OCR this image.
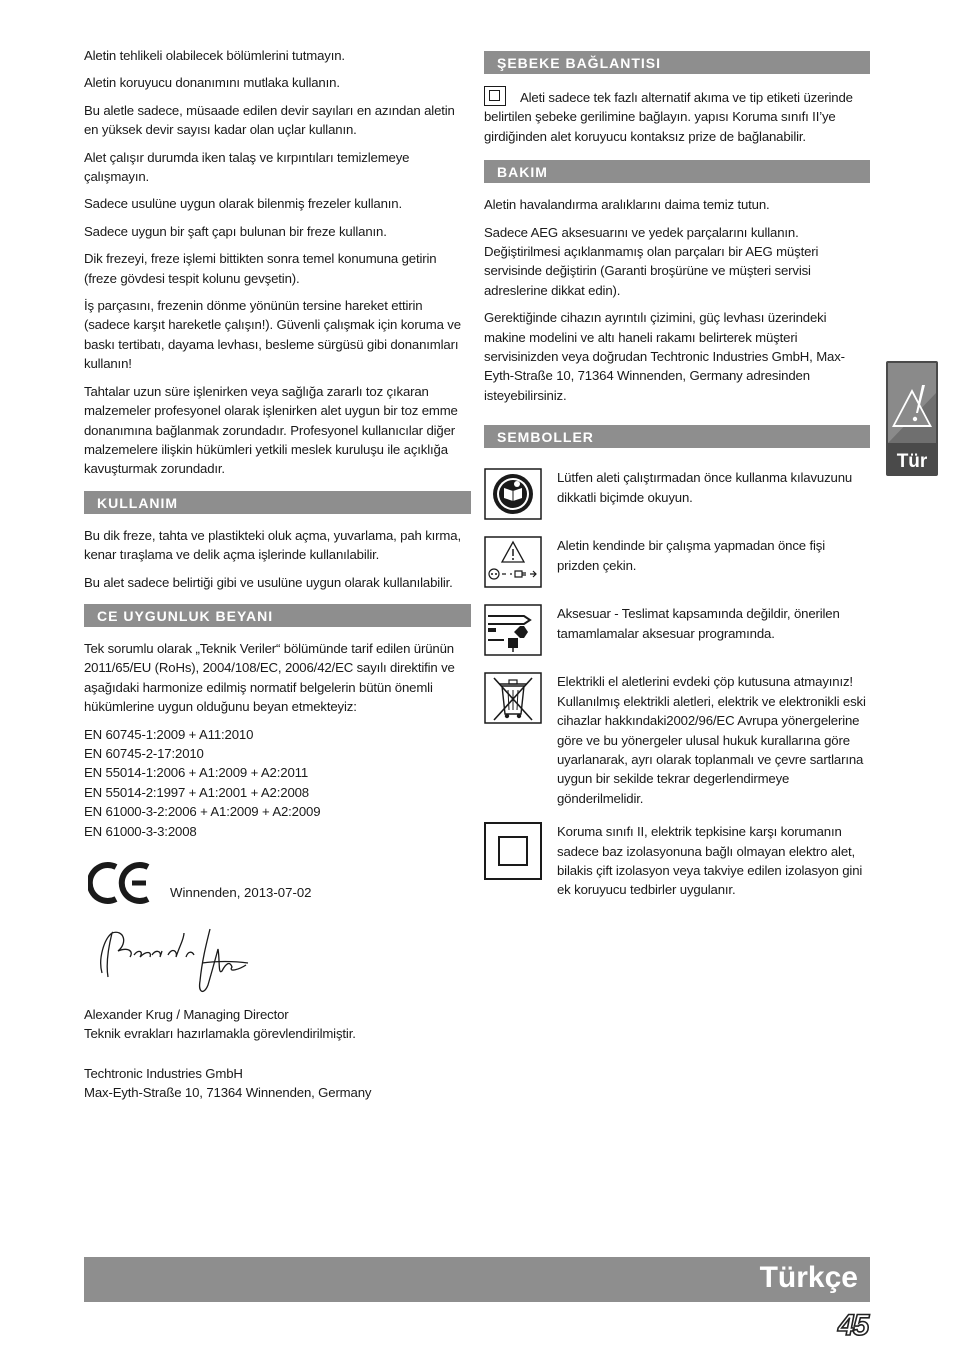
Aletin tehlikeli olabilecek bölümlerini tutmayın.

Aletin koruyucu donanımını mutlaka kullanın.

Bu aletle sadece, müsaade edilen devir sayıları en azından aletin en yüksek devir sayısı kadar olan uçlar kullanın.

Alet çalışır durumda iken talaş ve kırpıntıları temizlemeye çalışmayın.

Sadece usulüne uygun olarak bilenmiş frezeler kullanın.

Sadece uygun bir şaft çapı bulunan bir freze kullanın.

Dik frezeyi, freze işlemi bittikten sonra temel konumuna getirin (freze gövdesi tespit kolunu gevşetin).

İş parçasını, frezenin dönme yönünün tersine hareket ettirin (sadece karşıt hareketle çalışın!). Güvenli çalışmak için koruma ve baskı tertibatı, dayama levhası, besleme sürgüsü gibi donanımları kullanın!

Tahtalar uzun süre işlenirken veya sağlığa zararlı toz çıkaran malzemeler profesyonel olarak işlenirken alet uygun bir toz emme donanımına bağlanmak zorundadır. Profesyonel kullanıcılar diğer malzemelere ilişkin hükümleri yetkili meslek kuruluşu ile açıklığa kavuşturmak zorundadır.

KULLANIM

Bu dik freze, tahta ve plastikteki oluk açma, yuvarlama, pah kırma, kenar tıraşlama ve delik açma işlerinde kullanılabilir.

Bu alet sadece belirtiği gibi ve usulüne uygun olarak kullanılabilir.

CE UYGUNLUK BEYANI

Tek sorumlu olarak „Teknik Veriler“ bölümünde tarif edilen ürünün 2011/65/EU (RoHs), 2004/108/EC, 2006/42/EC sayılı direktifin ve aşağıdaki harmonize edilmiş normatif belgelerin bütün önemli hükümlerine uygun olduğunu beyan etmekteyiz:

EN 60745-1:2009 + A11:2010

EN 60745-2-17:2010

EN 55014-1:2006 + A1:2009 + A2:2011

EN 55014-2:1997 + A1:2001 + A2:2008

EN 61000-3-2:2006 + A1:2009 + A2:2009

EN 61000-3-3:2008

Winnenden, 2013-07-02

Alexander Krug / Managing Director

Teknik evrakları hazırlamakla görevlendirilmiştir.

Techtronic Industries GmbH

Max-Eyth-Straße 10, 71364 Winnenden, Germany

ŞEBEKE BAĞLANTISI

Aleti sadece tek fazlı alternatif akıma ve tip etiketi üzerinde belirtilen şebeke gerilimine bağlayın. yapısı Koruma sınıfı II’ye girdiğinden alet koruyucu kontaksız prize de bağlanabilir.

BAKIM

Aletin havalandırma aralıklarını daima temiz tutun.

Sadece AEG aksesuarını ve yedek parçalarını kullanın. Değiştirilmesi açıklanmamış olan parçaları bir AEG müşteri servisinde değiştirin (Garanti broşürüne ve müşteri servisi adreslerine dikkat edin).

Gerektiğinde cihazın ayrıntılı çizimini, güç levhası üzerindeki makine modelini ve altı haneli rakamı belirterek müşteri servisinizden veya doğrudan Techtronic Industries GmbH, Max-Eyth-Straße 10, 71364 Winnenden, Germany adresinden isteyebilirsiniz.

SEMBOLLER
Lütfen aleti çalıştırmadan önce kullanma kılavuzunu dikkatli biçimde okuyun.
Aletin kendinde bir çalışma yapmadan önce fişi prizden çekin.
Aksesuar - Teslimat kapsamında değildir, önerilen tamamlamalar aksesuar programında.
Elektrikli el aletlerini evdeki çöp kutusuna atmayınız! Kullanılmış elektrikli aletleri, elektrik ve elektronikli eski cihazlar hakkındaki2002/96/EC Avrupa yönergelerine göre ve bu yönergeler ulusal hukuk kurallarına göre uyarlanarak, ayrı olarak toplanmalı ve çevre sartlarına uygun bir sekilde tekrar degerlendirmeye gönderilmelidir.
Koruma sınıfı II, elektrik tepkisine karşı korumanın sadece baz izolasyonuna bağlı olmayan elektro alet, bilakis çift izolasyon veya takviye edilen izolasyon gini ek koruyucu tedbirler uygulanır.
Tür
Türkçe
45
